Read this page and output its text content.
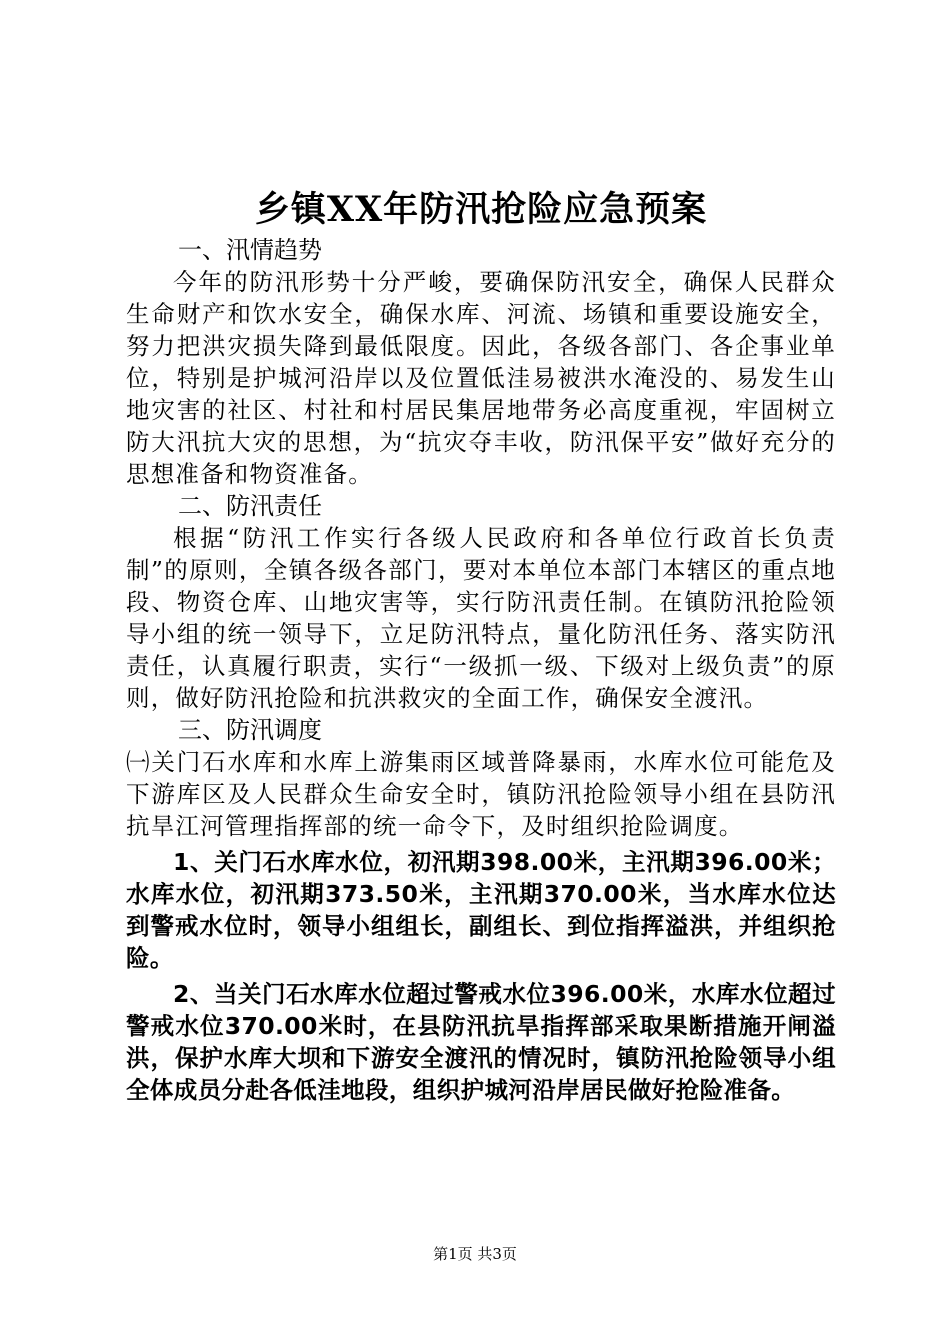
乡镇XX年防汛抢险应急预案

一、汛情趋势

今年的防汛形势十分严峻，要确保防汛安全，确保人民群众生命财产和饮水安全，确保水库、河流、场镇和重要设施安全，努力把洪灾损失降到最低限度。因此，各级各部门、各企事业单位，特别是护城河沿岸以及位置低洼易被洪水淹没的、易发生山地灾害的社区、村社和村居民集居地带务必高度重视，牢固树立防大汛抗大灾的思想，为“抗灾夺丰收，防汛保平安”做好充分的思想准备和物资准备。

二、防汛责任

根据“防汛工作实行各级人民政府和各单位行政首长负责制”的原则，全镇各级各部门，要对本单位本部门本辖区的重点地段、物资仓库、山地灾害等，实行防汛责任制。在镇防汛抢险领导小组的统一领导下，立足防汛特点，量化防汛任务、落实防汛责任，认真履行职责，实行“一级抓一级、下级对上级负责”的原则，做好防汛抢险和抗洪救灾的全面工作，确保安全渡汛。

三、防汛调度

㈠关门石水库和水库上游集雨区域普降暴雨，水库水位可能危及下游库区及人民群众生命安全时，镇防汛抢险领导小组在县防汛抗旱江河管理指挥部的统一命令下，及时组织抢险调度。

1、关门石水库水位，初汛期398.00米，主汛期396.00米；水库水位，初汛期373.50米，主汛期370.00米，当水库水位达到警戒水位时，领导小组组长，副组长、到位指挥溢洪，并组织抢险。

2、当关门石水库水位超过警戒水位396.00米，水库水位超过警戒水位370.00米时，在县防汛抗旱指挥部采取果断措施开闸溢洪，保护水库大坝和下游安全渡汛的情况时，镇防汛抢险领导小组全体成员分赴各低洼地段，组织护城河沿岸居民做好抢险准备。

第1页 共3页
